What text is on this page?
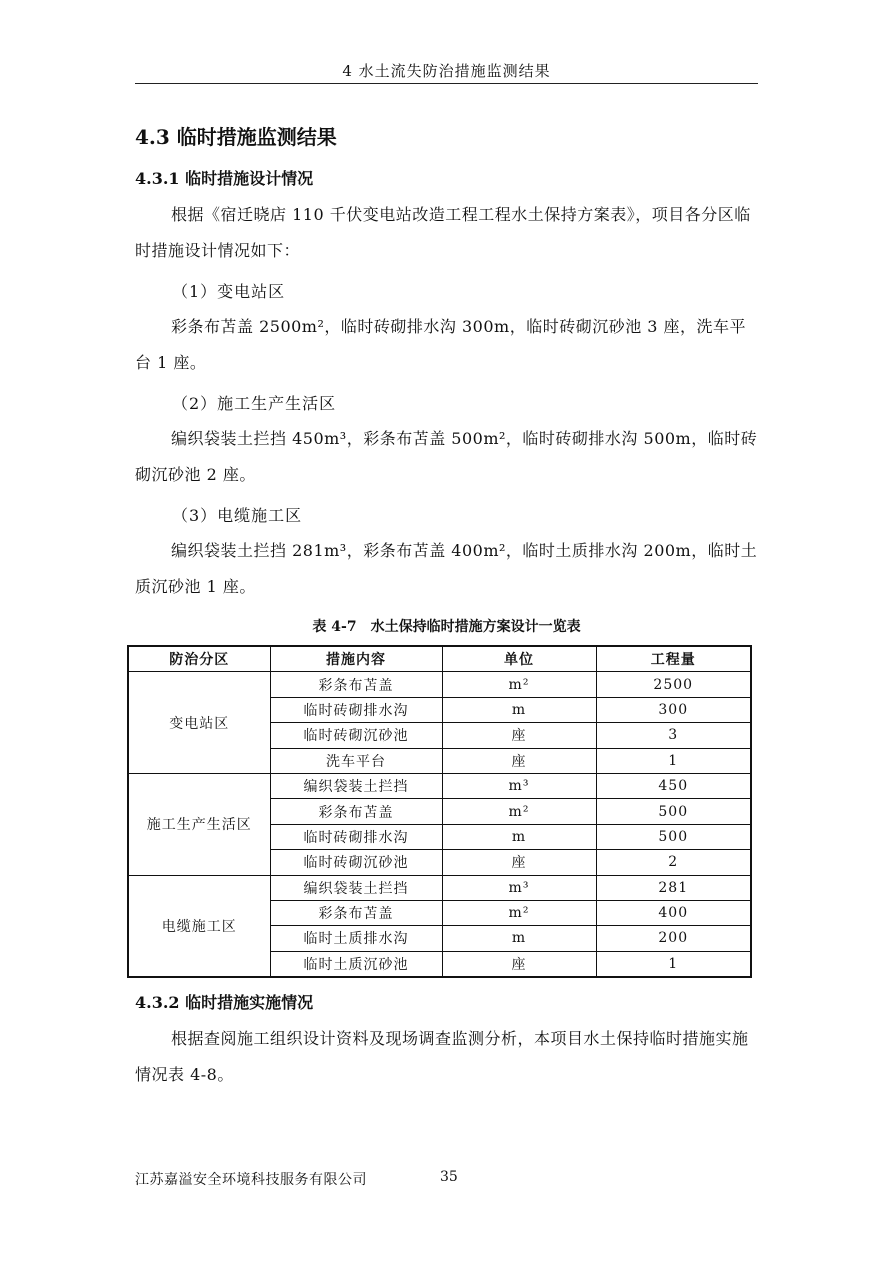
4 水土流失防治措施监测结果
4.3 临时措施监测结果
4.3.1 临时措施设计情况
根据《宿迁晓店 110 千伏变电站改造工程工程水土保持方案表》，项目各分区临时措施设计情况如下：
（1）变电站区
彩条布苫盖 2500m²，临时砖砌排水沟 300m，临时砖砌沉砂池 3 座，洗车平台 1 座。
（2）施工生产生活区
编织袋装土拦挡 450m³，彩条布苫盖 500m²，临时砖砌排水沟 500m，临时砖砌沉砂池 2 座。
（3）电缆施工区
编织袋装土拦挡 281m³，彩条布苫盖 400m²，临时土质排水沟 200m，临时土质沉砂池 1 座。
表 4-7　水土保持临时措施方案设计一览表
防治分区	措施内容	单位	工程量
变电站区	彩条布苫盖	m²	2500
	临时砖砌排水沟	m	300
	临时砖砌沉砂池	座	3
	洗车平台	座	1
施工生产生活区	编织袋装土拦挡	m³	450
	彩条布苫盖	m²	500
	临时砖砌排水沟	m	500
	临时砖砌沉砂池	座	2
电缆施工区	编织袋装土拦挡	m³	281
	彩条布苫盖	m²	400
	临时土质排水沟	m	200
	临时土质沉砂池	座	1
4.3.2 临时措施实施情况
根据查阅施工组织设计资料及现场调查监测分析，本项目水土保持临时措施实施情况表 4-8。
江苏嘉溢安全环境科技服务有限公司	35
